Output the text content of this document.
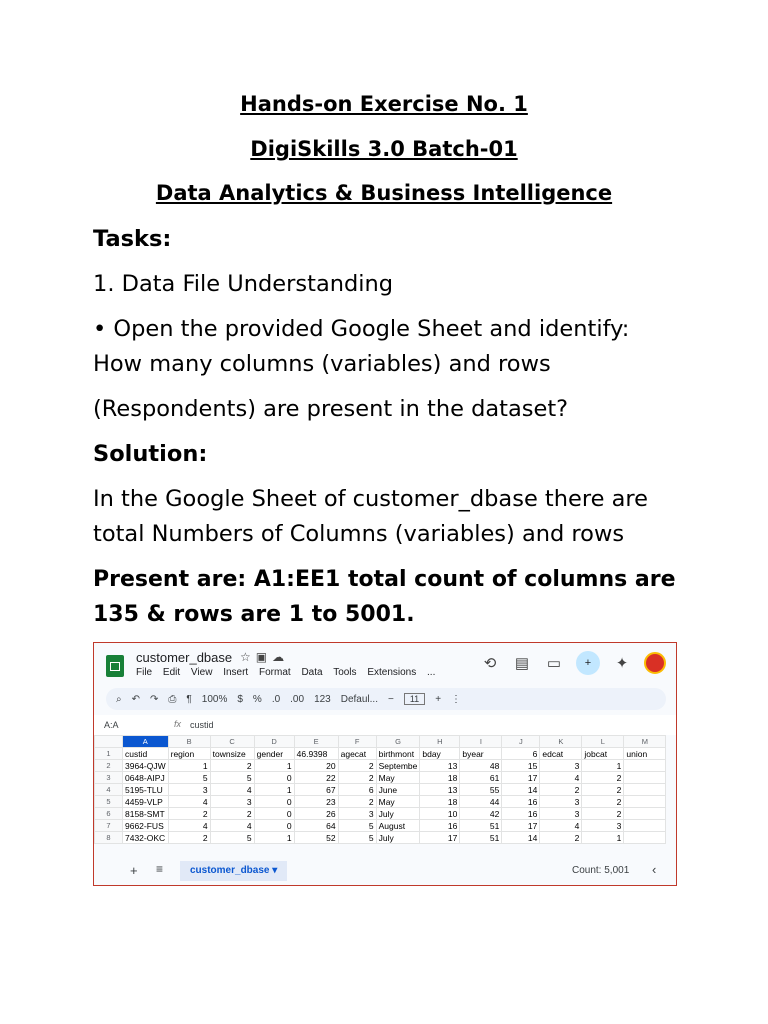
Hands-on Exercise No. 1
DigiSkills 3.0 Batch-01
Data Analytics & Business Intelligence
Tasks:
1. Data File Understanding
• Open the provided Google Sheet and identify:
How many columns (variables) and rows
(Respondents) are present in the dataset?
Solution:
In the Google Sheet of customer_dbase there are
total Numbers of Columns (variables) and rows
Present are: A1:EE1 total count of columns are
135 & rows are 1 to 5001.
customer_dbase ☆▣☁
File Edit View Insert Format Data Tools Extensions ...
⟲ ▤ ▭	+	✦
⌕ ↶ ↷ ⎙ ¶ 100% $ % .0 .00 123 Defaul... −	11	+ ⋮
A:A	fx custid
	A	B	C	D	E	F	G	H	I	J	K	L	M
1	custid	region	townsize	gender	46.9398	agecat	birthmont	bday	byear	6	edcat	jobcat	union
2	3964-QJW	1	2	1	20	2	Septembe	13	48	15	3	1	
3	0648-AIPJ	5	5	0	22	2	May	18	61	17	4	2	
4	5195-TLU	3	4	1	67	6	June	13	55	14	2	2	
5	4459-VLP	4	3	0	23	2	May	18	44	16	3	2	
6	8158-SMT	2	2	0	26	3	July	10	42	16	3	2	
7	9662-FUS	4	4	0	64	5	August	16	51	17	4	3	
8	7432-OKC	2	5	1	52	5	July	17	51	14	2	1	
+ ≡	customer_dbase ▾	Count: 5,001 ‹
